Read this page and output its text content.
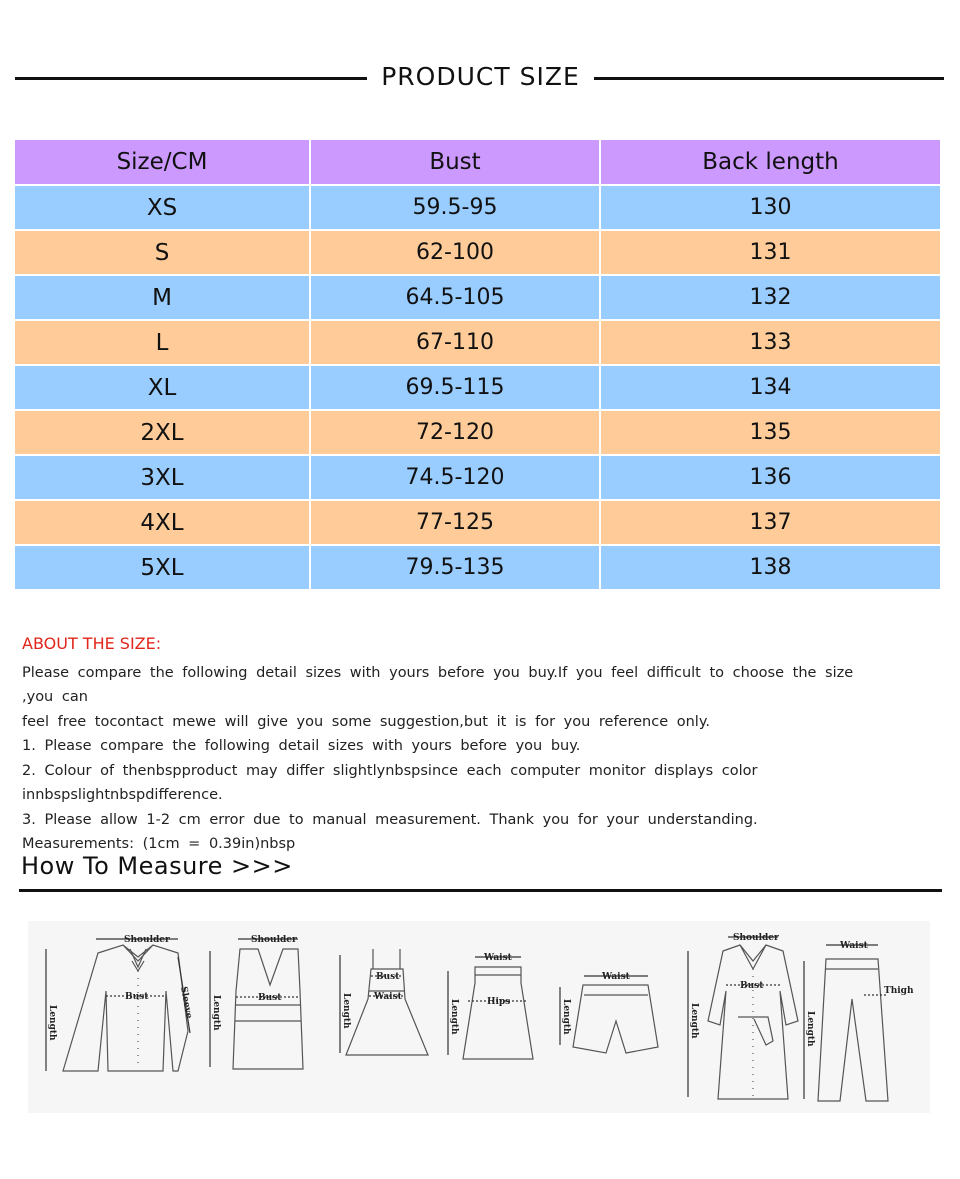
PRODUCT SIZE
Size/CM	Bust	Back length
XS	59.5-95	130
S	62-100	131
M	64.5-105	132
L	67-110	133
XL	69.5-115	134
2XL	72-120	135
3XL	74.5-120	136
4XL	77-125	137
5XL	79.5-135	138
ABOUT THE SIZE:

Please compare the following detail sizes with yours before you buy.If you feel difficult to choose the size ,you can

feel free tocontact mewe will give you some suggestion,but it is for you reference only.

1. Please compare the following detail sizes with yours before you buy.

2. Colour of thenbspproduct may differ slightlynbspsince each computer monitor displays color

innbspslightnbspdifference.

3. Please allow 1-2 cm error due to manual measurement. Thank you for your understanding.

Measurements: (1cm = 0.39in)nbsp

How To Measure >>>
Shoulder
Length
Bust	Sleeve
Shoulder
Length	Bust	Length
Bust
Waist
Waist
Hips
Length
Waist
Length
Shoulder
Bust
Length
Waist
Thigh
Length
